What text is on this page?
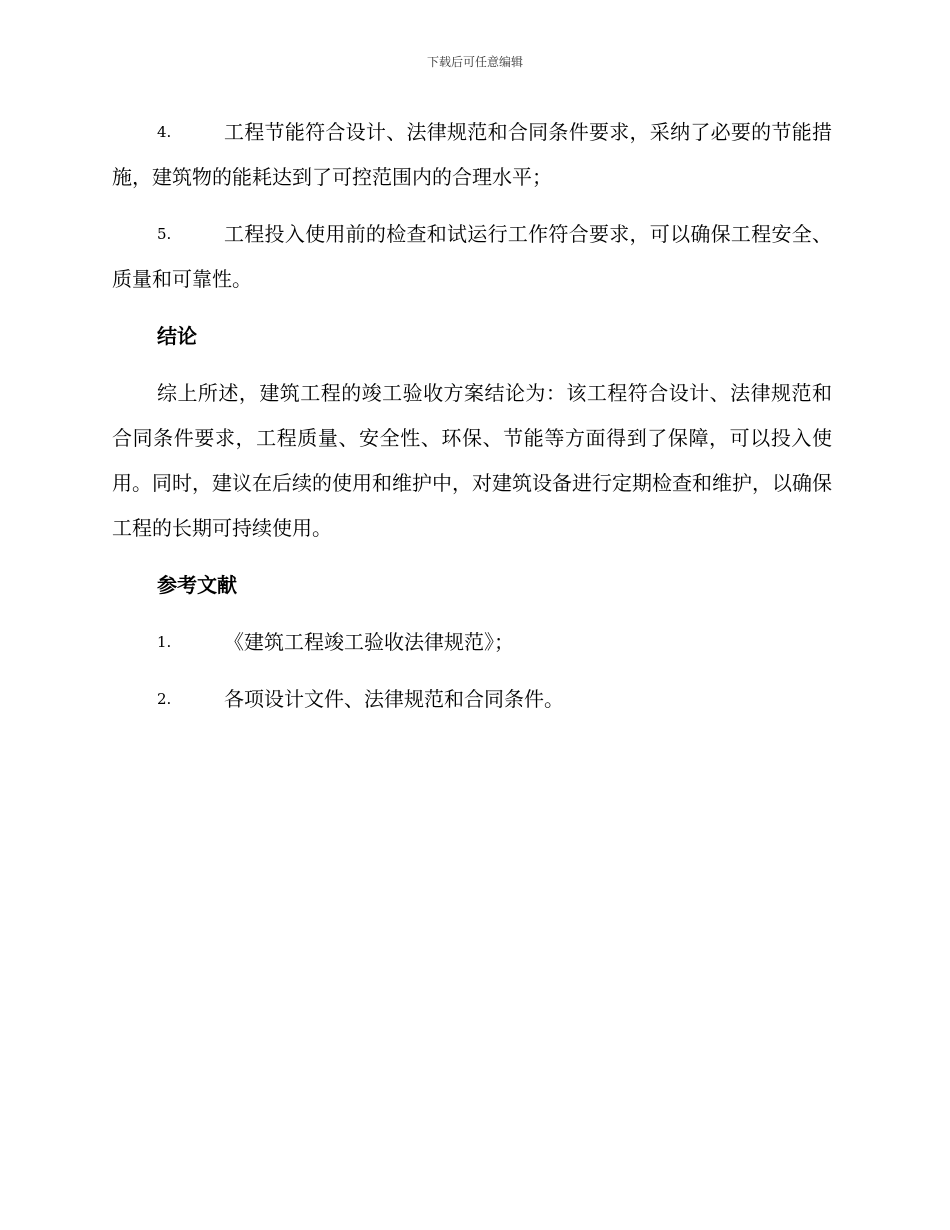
下载后可任意编辑
4.	工程节能符合设计、法律规范和合同条件要求，采纳了必要的节能措施，建筑物的能耗达到了可控范围内的合理水平；
5.	工程投入使用前的检查和试运行工作符合要求，可以确保工程安全、质量和可靠性。
结论
综上所述，建筑工程的竣工验收方案结论为：该工程符合设计、法律规范和合同条件要求，工程质量、安全性、环保、节能等方面得到了保障，可以投入使用。同时，建议在后续的使用和维护中，对建筑设备进行定期检查和维护，以确保工程的长期可持续使用。
参考文献
1.	《建筑工程竣工验收法律规范》；
2.	各项设计文件、法律规范和合同条件。
